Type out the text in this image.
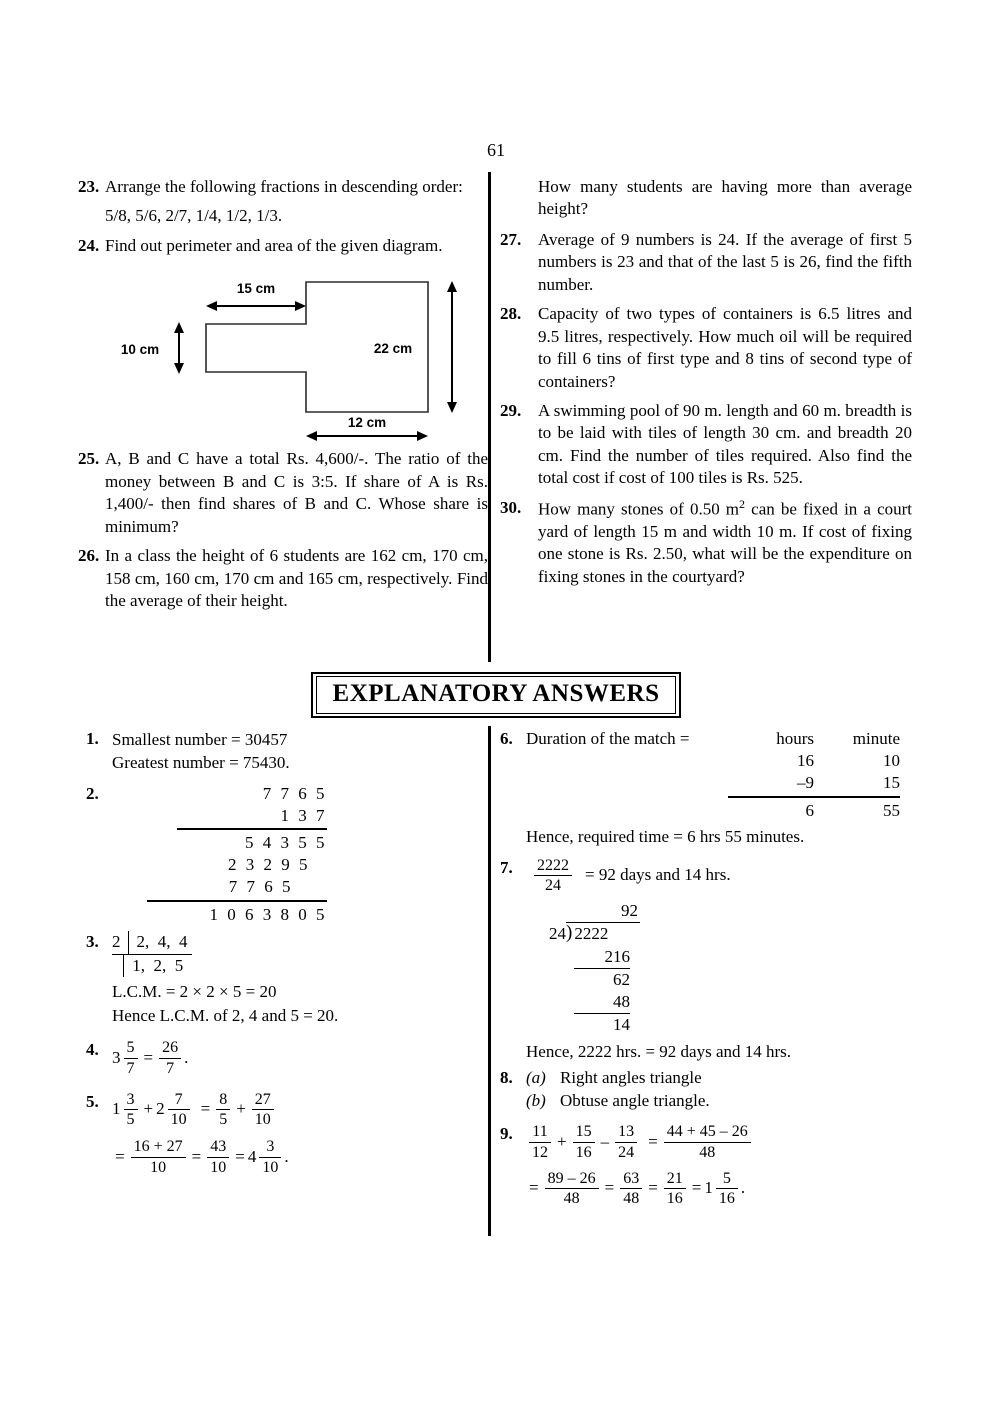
61
23. Arrange the following fractions in descending order:
5/8, 5/6, 2/7, 1/4, 1/2, 1/3.
24. Find out perimeter and area of the given diagram.
15 cm
10 cm	22 cm
12 cm
25. A, B and C have a total Rs. 4,600/-. The ratio of the money between B and C is 3:5. If share of A is Rs. 1,400/- then find shares of B and C. Whose share is minimum?
26. In a class the height of 6 students are 162 cm, 170 cm, 158 cm, 160 cm, 170 cm and 165 cm, respectively. Find the average of their height.
How many students are having more than average height?
27. Average of 9 numbers is 24. If the average of first 5 numbers is 23 and that of the last 5 is 26, find the fifth number.
28. Capacity of two types of containers is 6.5 litres and 9.5 litres, respectively. How much oil will be required to fill 6 tins of first type and 8 tins of second type of containers?
29. A swimming pool of 90 m. length and 60 m. breadth is to be laid with tiles of length 30 cm. and breadth 20 cm. Find the number of tiles required. Also find the total cost if cost of 100 tiles is Rs. 525.
30. How many stones of 0.50 $m^2$ can be fixed in a court yard of length 15 m and width 10 m. If cost of fixing one stone is Rs. 2.50, what will be the expenditure on fixing stones in the courtyard?
EXPLANATORY ANSWERS
1. Smallest number = 30457
Greatest number = 75430.
2.	7 7 6 5
1 3 7
5 4 3 5 5
2 3 2 9 5
7 7 6 5
1 0 6 3 8 0 5
3. 2 2,  4,  4

1,  2,  5
L.C.M. = 2 × 2 × 5 = 20
Hence L.C.M. of 2, 4 and 5 = 20.
4. $3 \frac{5}{7} = \frac{26}{7}$ .
5. $1 \frac{3}{5} + 2 \frac{7}{10} = \frac{8}{5} + \frac{27}{10}$
= $\frac{16 + 27}{10} = \frac{43}{10} = 4 \frac{3}{10}$ .
6. Duration of the match =	hours	minute
16	10
–9	15
6	55
Hence, required time = 6 hrs 55 minutes.
7.	$\frac{2222}{24} = 92$ days and 14 hrs.

92
24 ) 2222

216

62

48

14
Hence, 2222 hrs. = 92 days and 14 hrs.
8. (a) Right angles triangle
(b) Obtuse angle triangle.
9.	$\frac{11}{12} + \frac{15}{16} - \frac{13}{24} = \frac{44 + 45 - 26}{48}$
= $\frac{89 - 26}{48} = \frac{63}{48} = \frac{21}{16} = 1 \frac{5}{16}$ .
